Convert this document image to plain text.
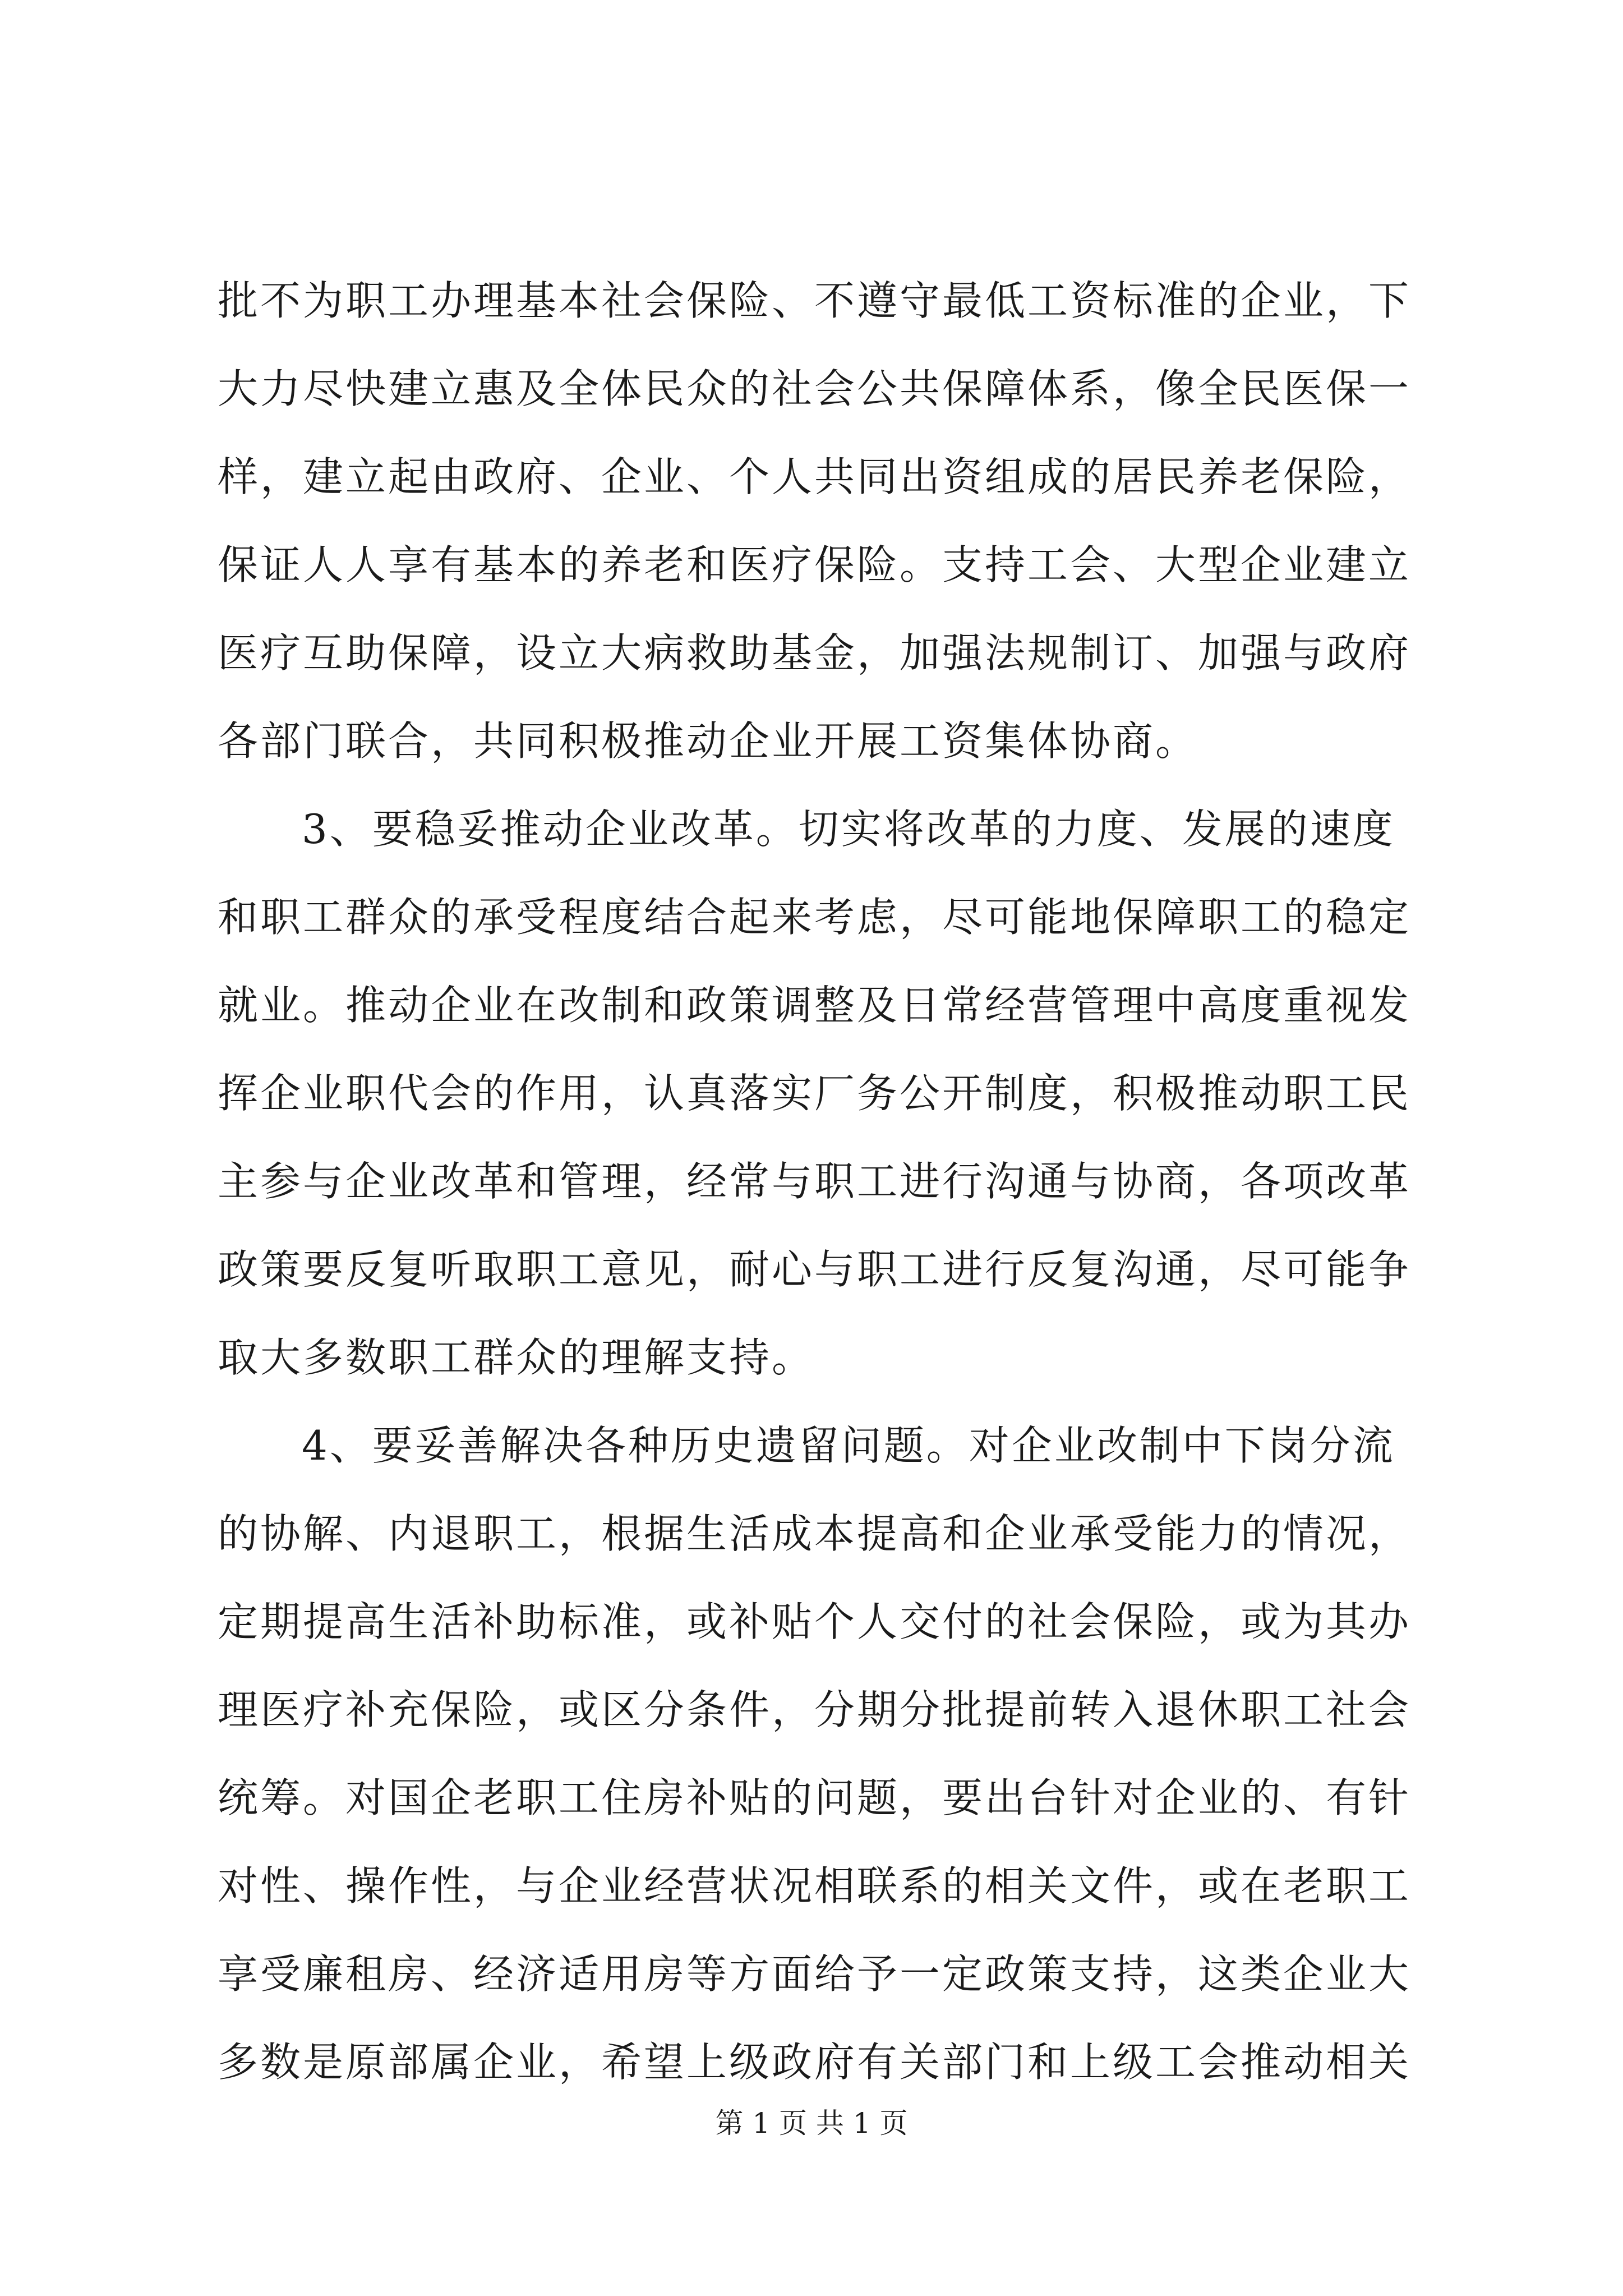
批不为职工办理基本社会保险、不遵守最低工资标准的企业，下
大力尽快建立惠及全体民众的社会公共保障体系，像全民医保一
样，建立起由政府、企业、个人共同出资组成的居民养老保险，
保证人人享有基本的养老和医疗保险。支持工会、大型企业建立
医疗互助保障，设立大病救助基金，加强法规制订、加强与政府
各部门联合，共同积极推动企业开展工资集体协商。
3、要稳妥推动企业改革。切实将改革的力度、发展的速度
和职工群众的承受程度结合起来考虑，尽可能地保障职工的稳定
就业。推动企业在改制和政策调整及日常经营管理中高度重视发
挥企业职代会的作用，认真落实厂务公开制度，积极推动职工民
主参与企业改革和管理，经常与职工进行沟通与协商，各项改革
政策要反复听取职工意见，耐心与职工进行反复沟通，尽可能争
取大多数职工群众的理解支持。
4、要妥善解决各种历史遗留问题。对企业改制中下岗分流
的协解、内退职工，根据生活成本提高和企业承受能力的情况，
定期提高生活补助标准，或补贴个人交付的社会保险，或为其办
理医疗补充保险，或区分条件，分期分批提前转入退休职工社会
统筹。对国企老职工住房补贴的问题，要出台针对企业的、有针
对性、操作性，与企业经营状况相联系的相关文件，或在老职工
享受廉租房、经济适用房等方面给予一定政策支持，这类企业大
多数是原部属企业，希望上级政府有关部门和上级工会推动相关
第 1 页 共 1 页
